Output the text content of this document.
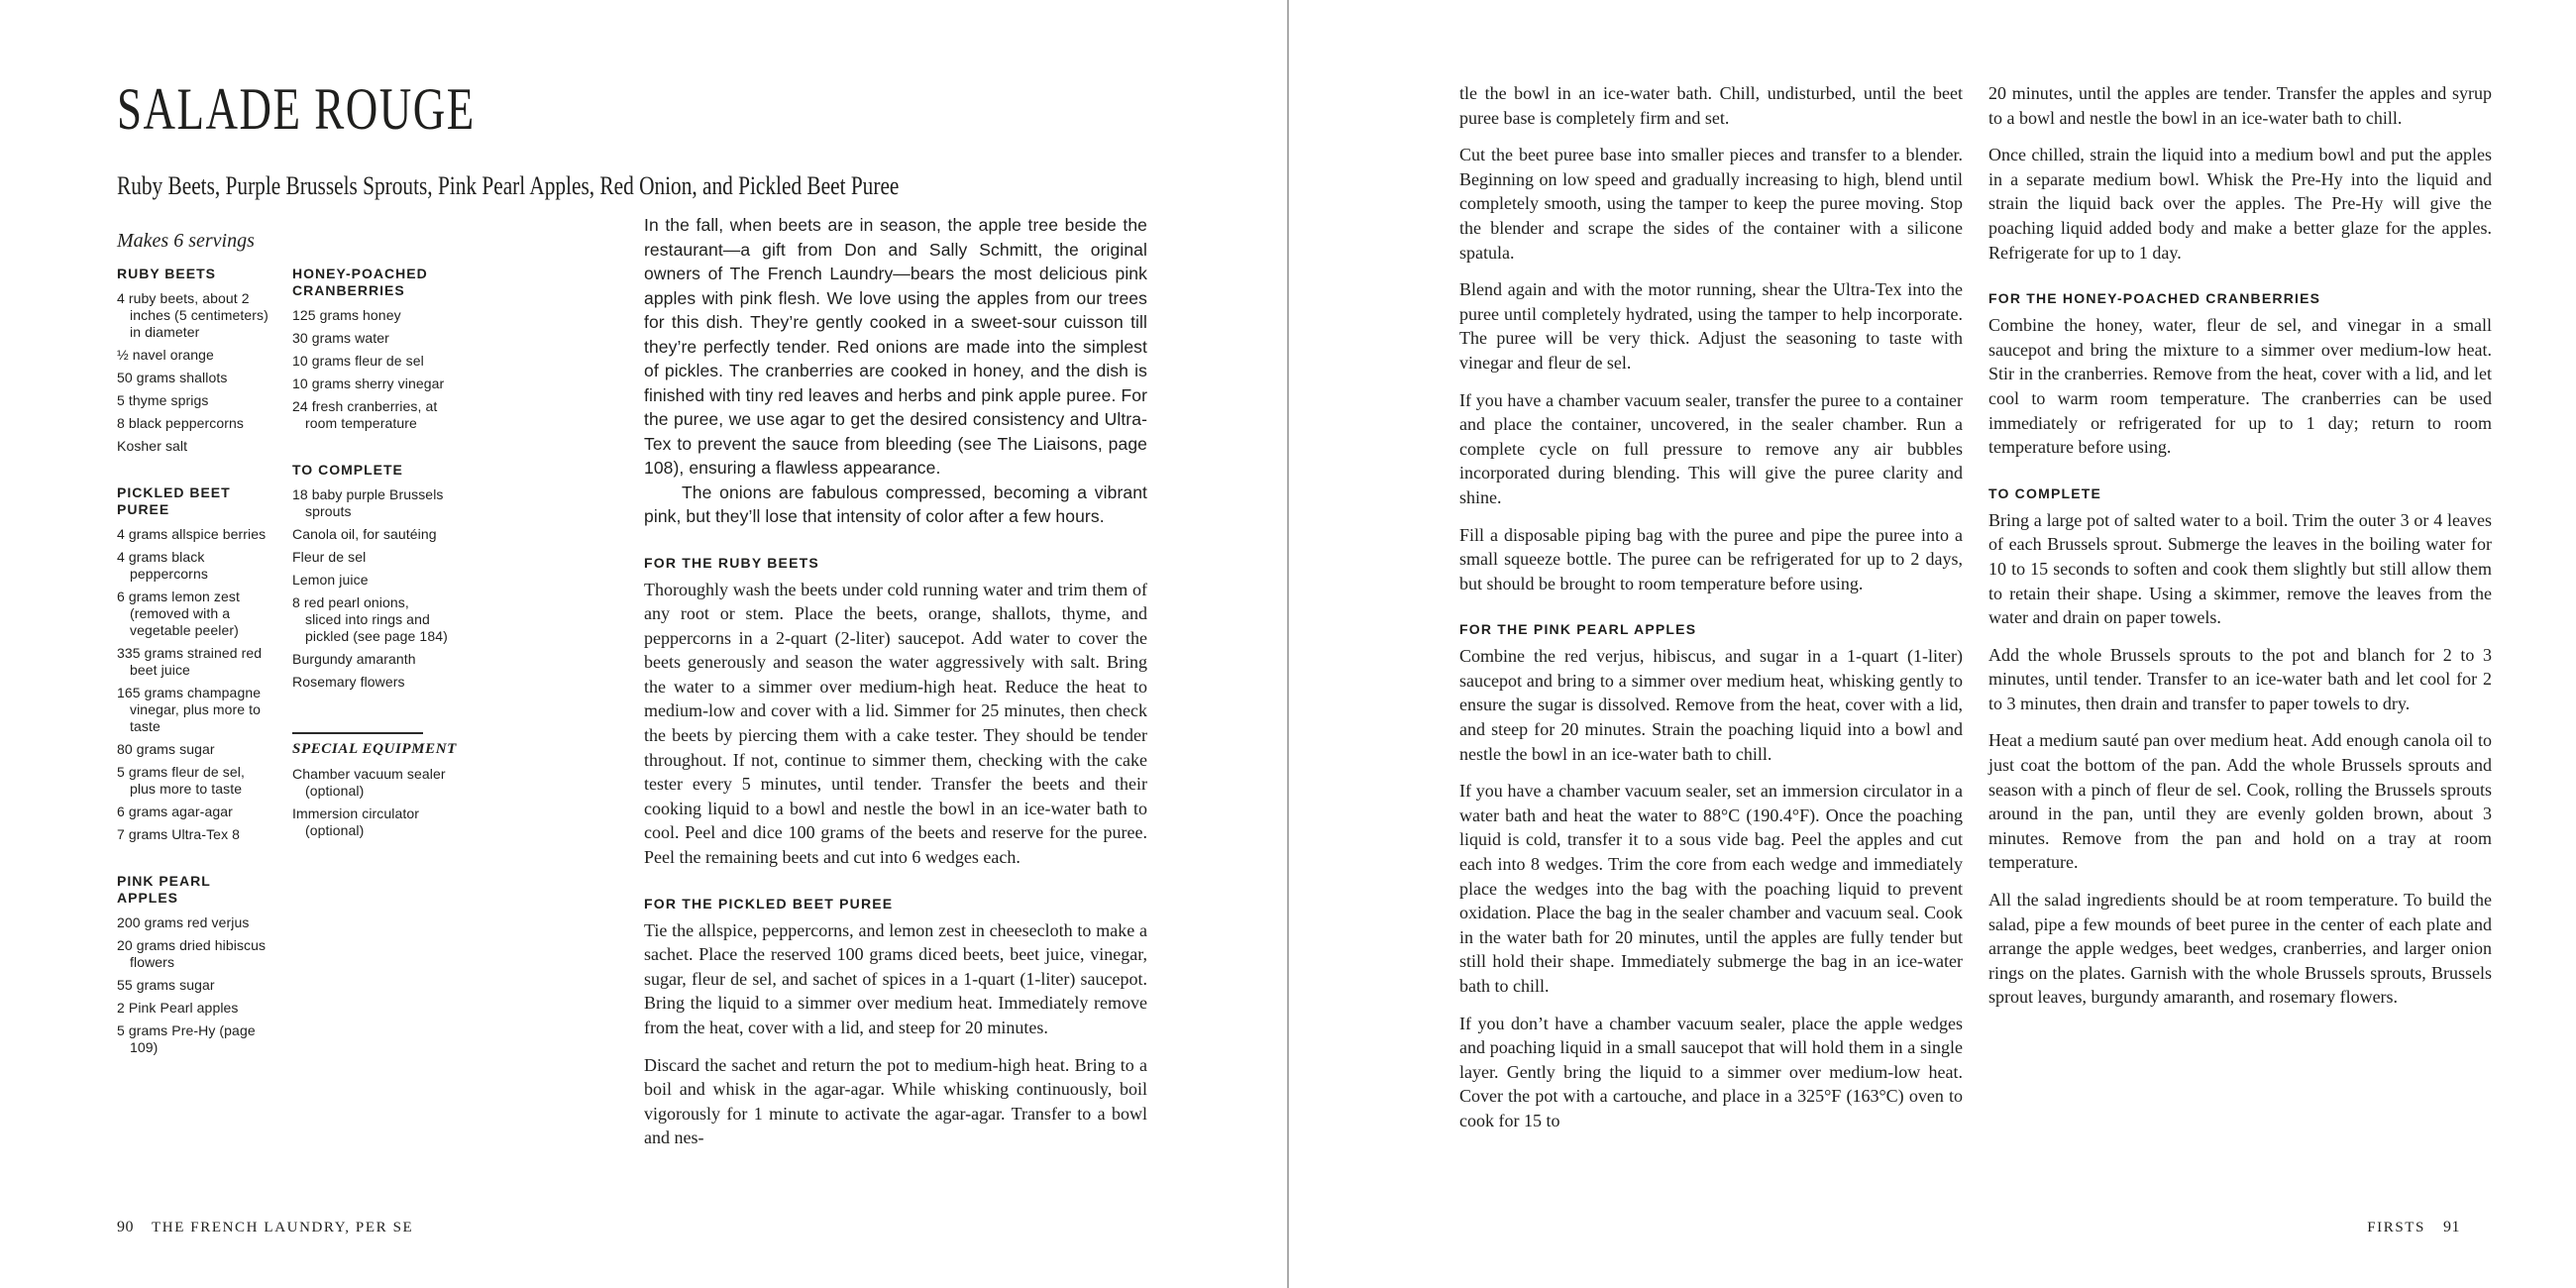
SALADE ROUGE
Ruby Beets, Purple Brussels Sprouts, Pink Pearl Apples, Red Onion, and Pickled Beet Puree
Makes 6 servings
RUBY BEETS
4 ruby beets, about 2 inches (5 centimeters) in diameter
½ navel orange
50 grams shallots
5 thyme sprigs
8 black peppercorns
Kosher salt
PICKLED BEET PUREE
4 grams allspice berries
4 grams black peppercorns
6 grams lemon zest (removed with a vegetable peeler)
335 grams strained red beet juice
165 grams champagne vinegar, plus more to taste
80 grams sugar
5 grams fleur de sel, plus more to taste
6 grams agar-agar
7 grams Ultra-Tex 8
PINK PEARL APPLES
200 grams red verjus
20 grams dried hibiscus flowers
55 grams sugar
2 Pink Pearl apples
5 grams Pre-Hy (page 109)
HONEY-POACHED CRANBERRIES
125 grams honey
30 grams water
10 grams fleur de sel
10 grams sherry vinegar
24 fresh cranberries, at room temperature
TO COMPLETE
18 baby purple Brussels sprouts
Canola oil, for sautéing
Fleur de sel
Lemon juice
8 red pearl onions, sliced into rings and pickled (see page 184)
Burgundy amaranth
Rosemary flowers
SPECIAL EQUIPMENT
Chamber vacuum sealer (optional)
Immersion circulator (optional)

In the fall, when beets are in season, the apple tree beside the restaurant—a gift from Don and Sally Schmitt, the original owners of The French Laundry—bears the most delicious pink apples with pink flesh. We love using the apples from our trees for this dish. They’re gently cooked in a sweet-sour cuisson till they’re perfectly tender. Red onions are made into the simplest of pickles. The cranberries are cooked in honey, and the dish is finished with tiny red leaves and herbs and pink apple puree. For the puree, we use agar to get the desired consistency and Ultra-Tex to prevent the sauce from bleeding (see The Liaisons, page 108), ensuring a flawless appearance.

The onions are fabulous compressed, becoming a vibrant pink, but they’ll lose that intensity of color after a few hours.

FOR THE RUBY BEETS

Thoroughly wash the beets under cold running water and trim them of any root or stem. Place the beets, orange, shallots, thyme, and peppercorns in a 2-quart (2-liter) saucepot. Add water to cover the beets generously and season the water aggressively with salt. Bring the water to a simmer over medium-high heat. Reduce the heat to medium-low and cover with a lid. Simmer for 25 minutes, then check the beets by piercing them with a cake tester. They should be tender throughout. If not, continue to simmer them, checking with the cake tester every 5 minutes, until tender. Transfer the beets and their cooking liquid to a bowl and nestle the bowl in an ice-water bath to cool. Peel and dice 100 grams of the beets and reserve for the puree. Peel the remaining beets and cut into 6 wedges each.

FOR THE PICKLED BEET PUREE

Tie the allspice, peppercorns, and lemon zest in cheesecloth to make a sachet. Place the reserved 100 grams diced beets, beet juice, vinegar, sugar, fleur de sel, and sachet of spices in a 1-quart (1-liter) saucepot. Bring the liquid to a simmer over medium heat. Immediately remove from the heat, cover with a lid, and steep for 20 minutes.

Discard the sachet and return the pot to medium-high heat. Bring to a boil and whisk in the agar-agar. While whisking continuously, boil vigorously for 1 minute to activate the agar-agar. Transfer to a bowl and nes-

90 THE FRENCH LAUNDRY, PER SE

tle the bowl in an ice-water bath. Chill, undisturbed, until the beet puree base is completely firm and set.

Cut the beet puree base into smaller pieces and transfer to a blender. Beginning on low speed and gradually increasing to high, blend until completely smooth, using the tamper to keep the puree moving. Stop the blender and scrape the sides of the container with a silicone spatula.

Blend again and with the motor running, shear the Ultra-Tex into the puree until completely hydrated, using the tamper to help incorporate. The puree will be very thick. Adjust the seasoning to taste with vinegar and fleur de sel.

If you have a chamber vacuum sealer, transfer the puree to a container and place the container, uncovered, in the sealer chamber. Run a complete cycle on full pressure to remove any air bubbles incorporated during blending. This will give the puree clarity and shine.

Fill a disposable piping bag with the puree and pipe the puree into a small squeeze bottle. The puree can be refrigerated for up to 2 days, but should be brought to room temperature before using.

FOR THE PINK PEARL APPLES

Combine the red verjus, hibiscus, and sugar in a 1-quart (1-liter) saucepot and bring to a simmer over medium heat, whisking gently to ensure the sugar is dissolved. Remove from the heat, cover with a lid, and steep for 20 minutes. Strain the poaching liquid into a bowl and nestle the bowl in an ice-water bath to chill.

If you have a chamber vacuum sealer, set an immersion circulator in a water bath and heat the water to 88°C (190.4°F). Once the poaching liquid is cold, transfer it to a sous vide bag. Peel the apples and cut each into 8 wedges. Trim the core from each wedge and immediately place the wedges into the bag with the poaching liquid to prevent oxidation. Place the bag in the sealer chamber and vacuum seal. Cook in the water bath for 20 minutes, until the apples are fully tender but still hold their shape. Immediately submerge the bag in an ice-water bath to chill.

If you don’t have a chamber vacuum sealer, place the apple wedges and poaching liquid in a small saucepot that will hold them in a single layer. Gently bring the liquid to a simmer over medium-low heat. Cover the pot with a cartouche, and place in a 325°F (163°C) oven to cook for 15 to

20 minutes, until the apples are tender. Transfer the apples and syrup to a bowl and nestle the bowl in an ice-water bath to chill.

Once chilled, strain the liquid into a medium bowl and put the apples in a separate medium bowl. Whisk the Pre-Hy into the liquid and strain the liquid back over the apples. The Pre-Hy will give the poaching liquid added body and make a better glaze for the apples. Refrigerate for up to 1 day.

FOR THE HONEY-POACHED CRANBERRIES

Combine the honey, water, fleur de sel, and vinegar in a small saucepot and bring the mixture to a simmer over medium-low heat. Stir in the cranberries. Remove from the heat, cover with a lid, and let cool to warm room temperature. The cranberries can be used immediately or refrigerated for up to 1 day; return to room temperature before using.

TO COMPLETE

Bring a large pot of salted water to a boil. Trim the outer 3 or 4 leaves of each Brussels sprout. Submerge the leaves in the boiling water for 10 to 15 seconds to soften and cook them slightly but still allow them to retain their shape. Using a skimmer, remove the leaves from the water and drain on paper towels.

Add the whole Brussels sprouts to the pot and blanch for 2 to 3 minutes, until tender. Transfer to an ice-water bath and let cool for 2 to 3 minutes, then drain and transfer to paper towels to dry.

Heat a medium sauté pan over medium heat. Add enough canola oil to just coat the bottom of the pan. Add the whole Brussels sprouts and season with a pinch of fleur de sel. Cook, rolling the Brussels sprouts around in the pan, until they are evenly golden brown, about 3 minutes. Remove from the pan and hold on a tray at room temperature.

All the salad ingredients should be at room temperature. To build the salad, pipe a few mounds of beet puree in the center of each plate and arrange the apple wedges, beet wedges, cranberries, and larger onion rings on the plates. Garnish with the whole Brussels sprouts, Brussels sprout leaves, burgundy amaranth, and rosemary flowers.

FIRSTS 91
